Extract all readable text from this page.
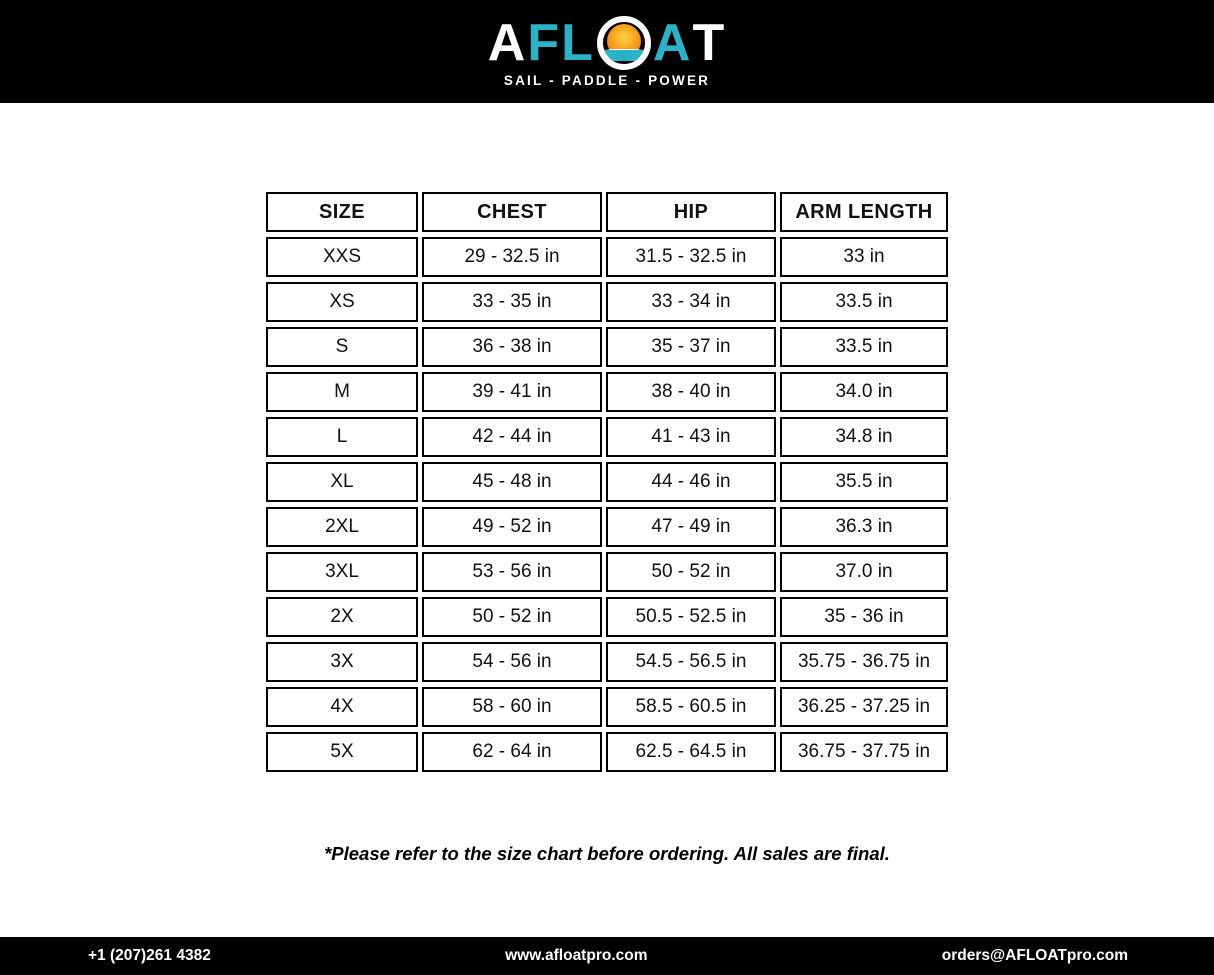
A F L A T
SAIL - PADDLE - POWER
SIZE	CHEST	HIP	ARM LENGTH
XXS	29 - 32.5 in	31.5 - 32.5 in	33 in
XS	33 - 35 in	33 - 34 in	33.5 in
S	36 - 38 in	35 - 37 in	33.5 in
M	39 - 41 in	38 - 40 in	34.0 in
L	42 - 44 in	41 - 43 in	34.8 in
XL	45 - 48 in	44 - 46 in	35.5 in
2XL	49 - 52 in	47 - 49 in	36.3 in
3XL	53 - 56 in	50 - 52 in	37.0 in
2X	50 - 52 in	50.5 - 52.5 in	35 - 36 in
3X	54 - 56 in	54.5 - 56.5 in	35.75 - 36.75 in
4X	58 - 60 in	58.5 - 60.5 in	36.25 - 37.25 in
5X	62 - 64 in	62.5 - 64.5 in	36.75 - 37.75 in
*Please refer to the size chart before ordering. All sales are final.
+1 (207)261 4382	www.afloatpro.com	orders@AFLOATpro.com
